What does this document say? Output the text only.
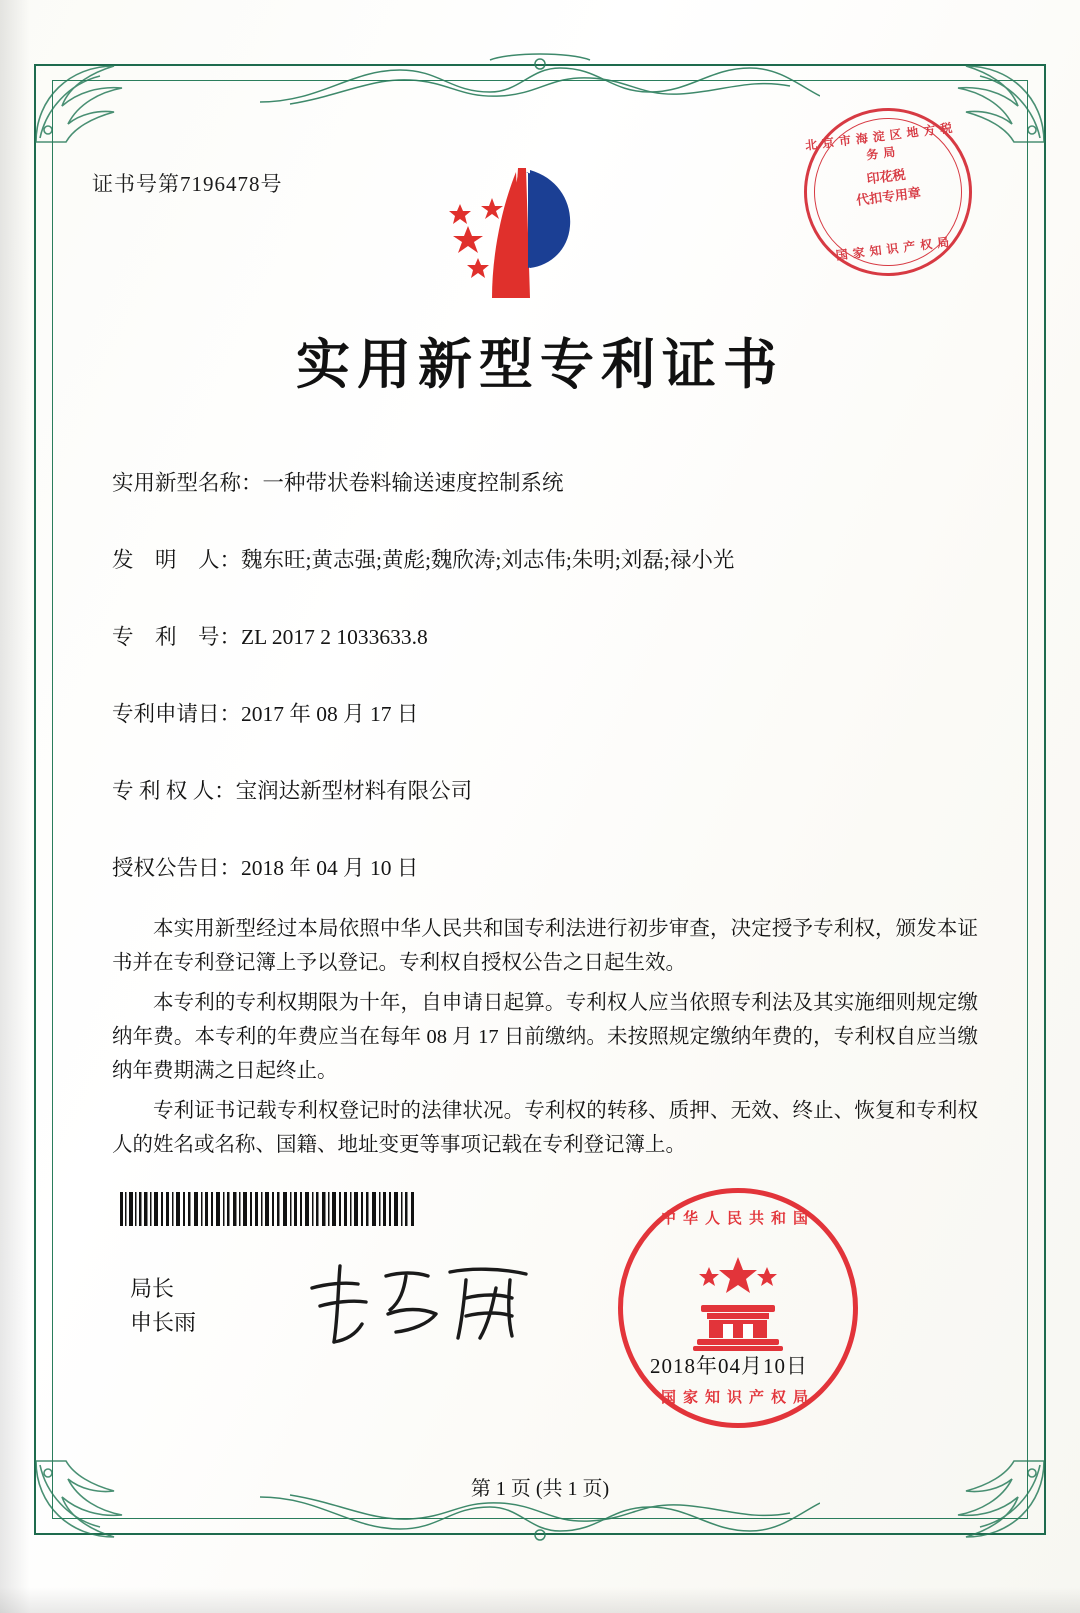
证书号第7196478号
北京市海淀区地方税务局
印花税
代扣专用章
国家知识产权局
实用新型专利证书
实用新型名称：一种带状卷料输送速度控制系统
发　明　人：魏东旺;黄志强;黄彪;魏欣涛;刘志伟;朱明;刘磊;禄小光
专　利　号：ZL 2017 2 1033633.8
专利申请日：2017 年 08 月 17 日
专 利 权 人：宝润达新型材料有限公司
授权公告日：2018 年 04 月 10 日

本实用新型经过本局依照中华人民共和国专利法进行初步审查，决定授予专利权，颁发本证书并在专利登记簿上予以登记。专利权自授权公告之日起生效。

本专利的专利权期限为十年，自申请日起算。专利权人应当依照专利法及其实施细则规定缴纳年费。本专利的年费应当在每年 08 月 17 日前缴纳。未按照规定缴纳年费的，专利权自应当缴纳年费期满之日起终止。

专利证书记载专利权登记时的法律状况。专利权的转移、质押、无效、终止、恢复和专利权人的姓名或名称、国籍、地址变更等事项记载在专利登记簿上。

局长
申长雨
中华人民共和国
国家知识产权局
2018年04月10日
第 1 页 (共 1 页)
